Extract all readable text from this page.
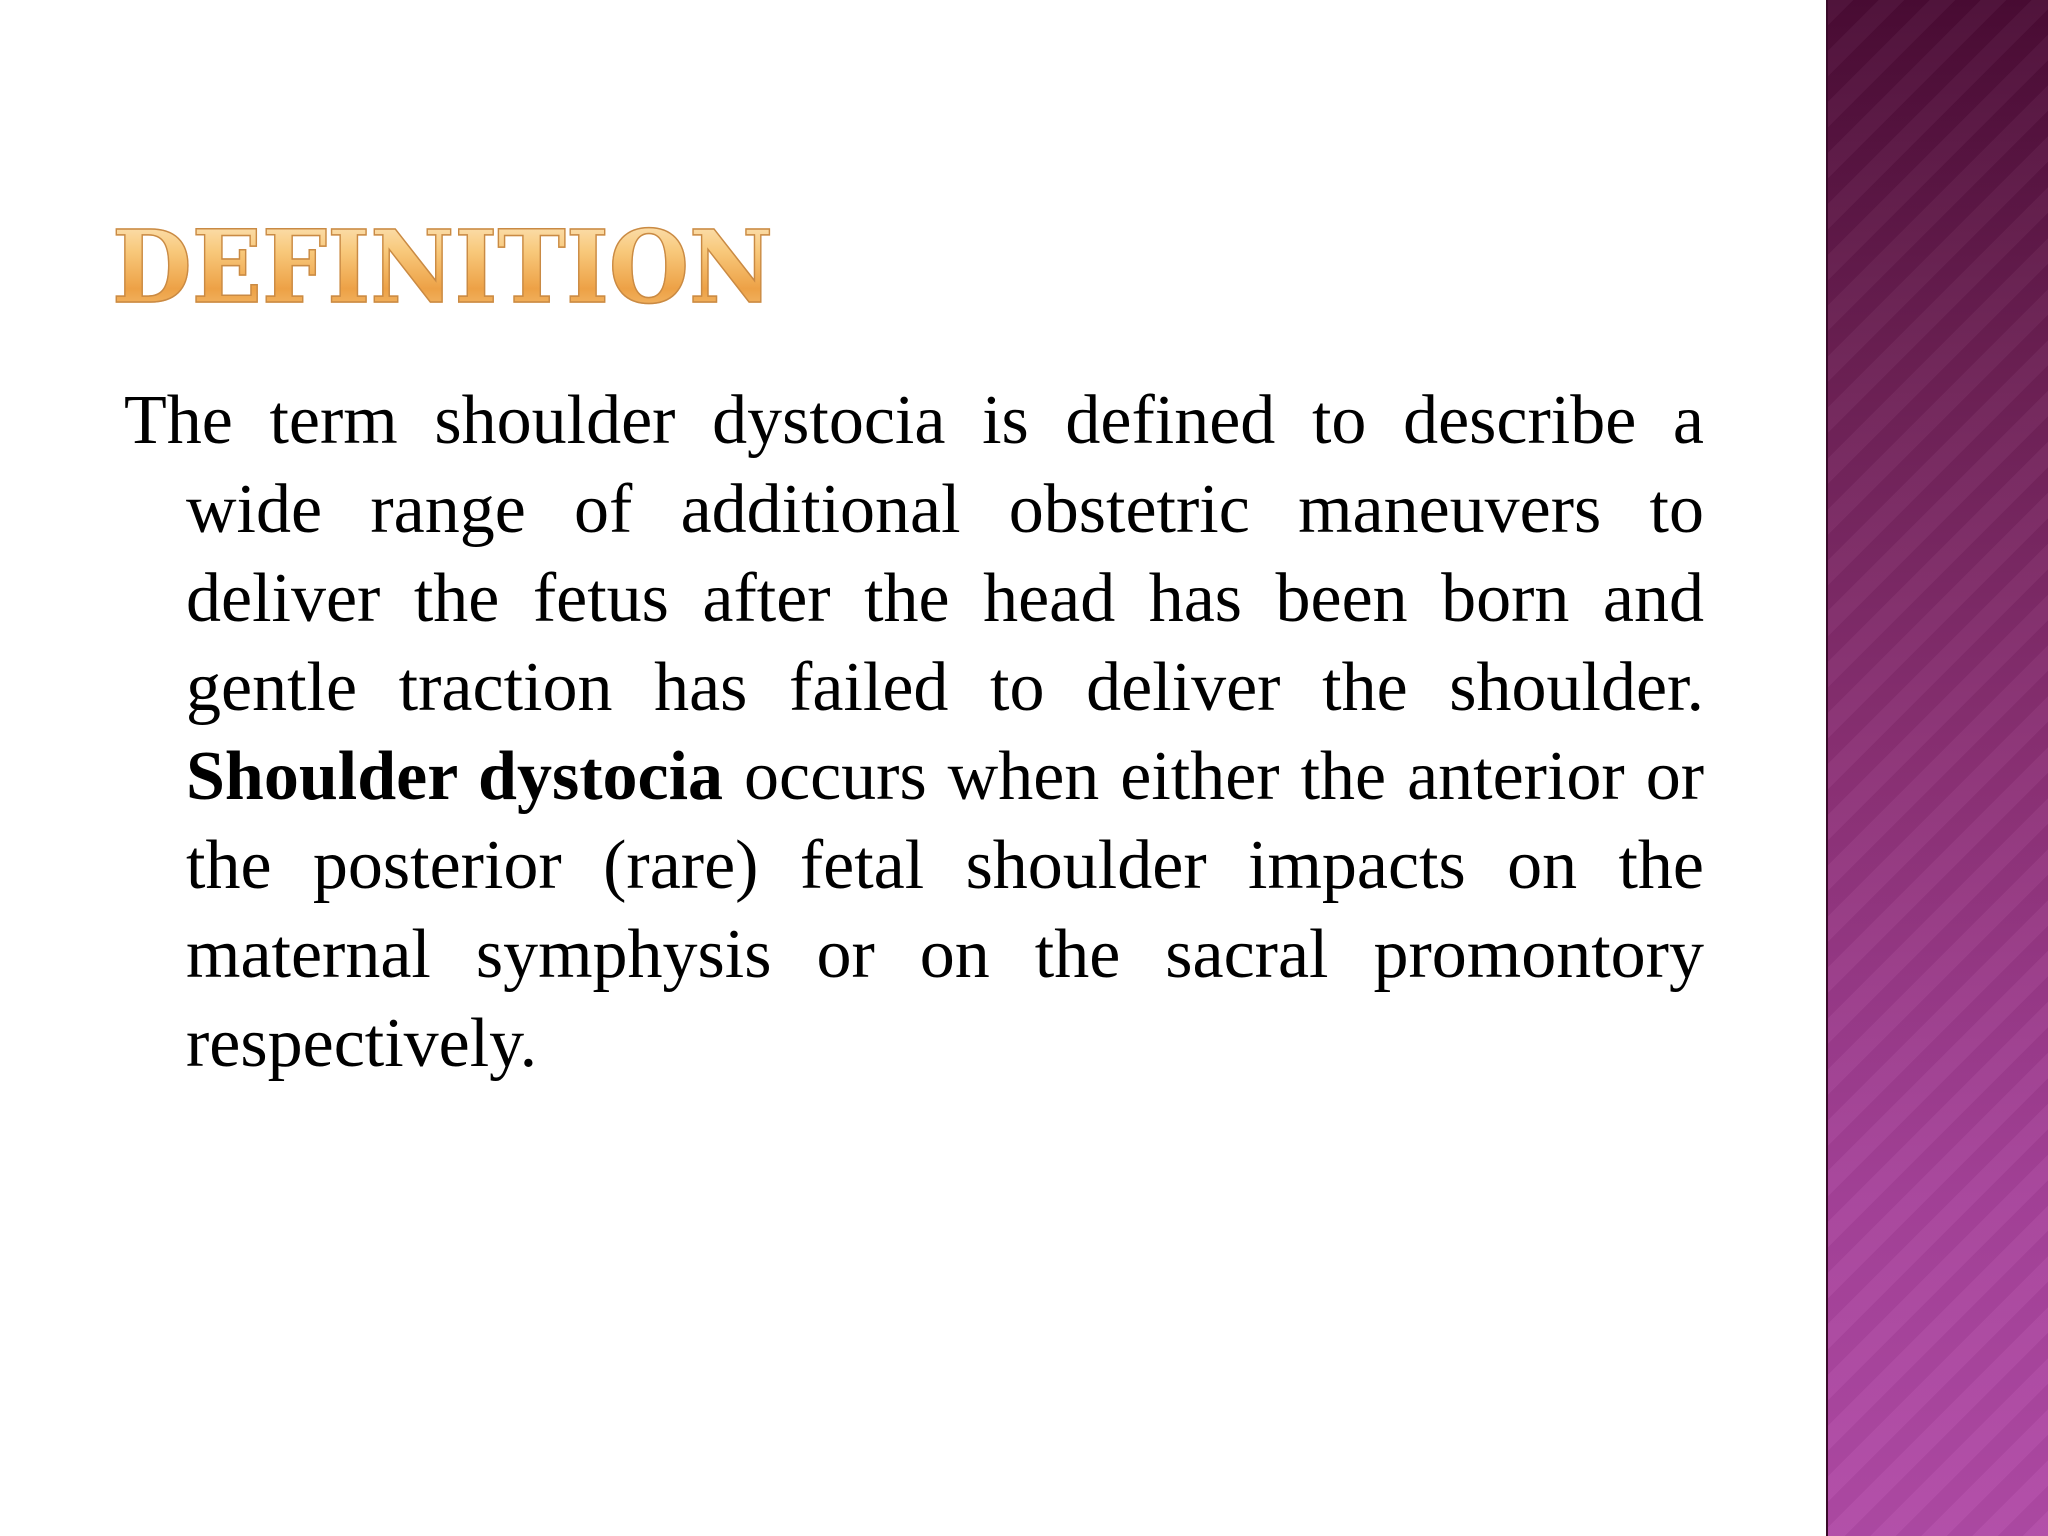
DEFINITION

The term shoulder dystocia is defined to describe a wide range of additional obstetric maneuvers to deliver the fetus after the head has been born and gentle traction has failed to deliver the shoulder. Shoulder dystocia occurs when either the anterior or the posterior (rare) fetal shoulder impacts on the maternal symphysis or on the sacral promontory respectively.
